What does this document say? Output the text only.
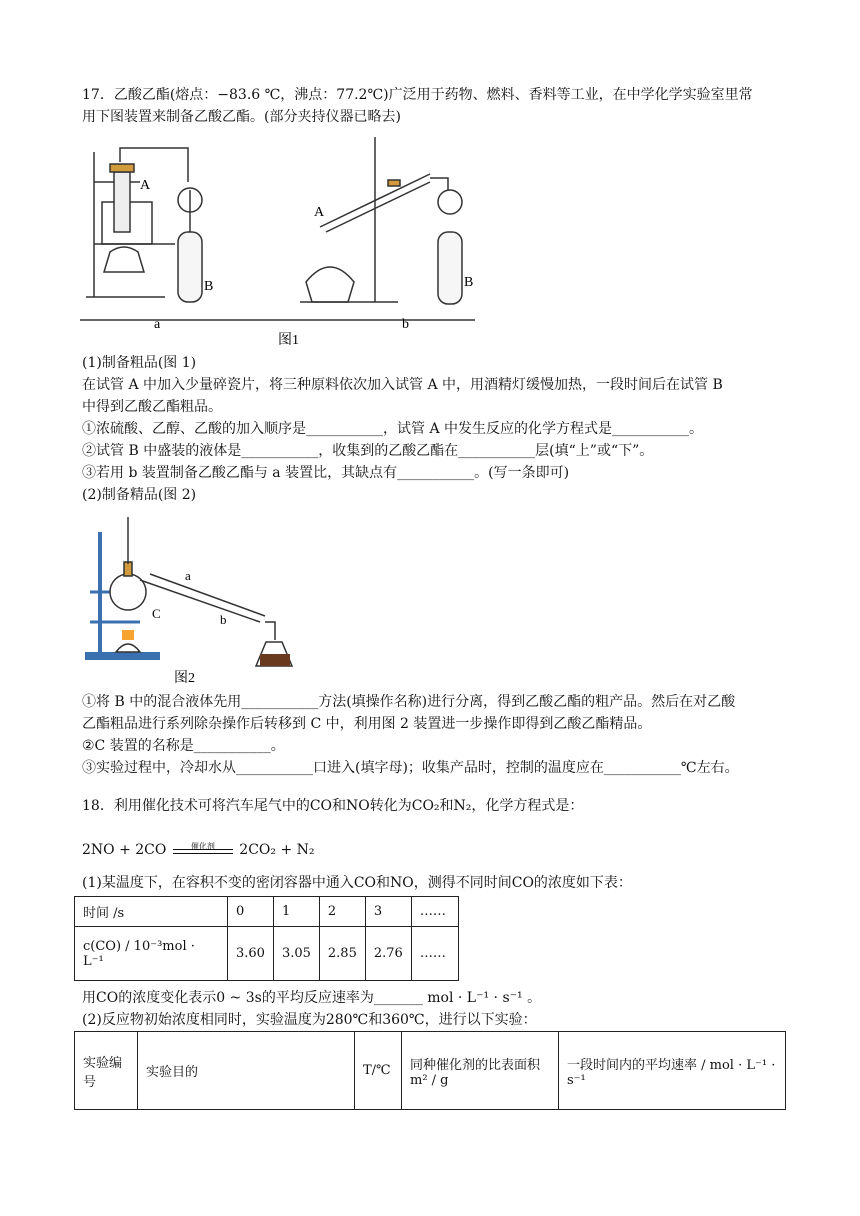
17．乙酸乙酯(熔点：−83.6 ℃，沸点：77.2℃)广泛用于药物、燃料、香料等工业，在中学化学实验室里常
用下图装置来制备乙酸乙酯。(部分夹持仪器已略去)
A
B
a
A
B
b
图1
(1)制备粗品(图 1)
在试管 A 中加入少量碎瓷片，将三种原料依次加入试管 A 中，用酒精灯缓慢加热，一段时间后在试管 B
中得到乙酸乙酯粗品。
①浓硫酸、乙醇、乙酸的加入顺序是___________，试管 A 中发生反应的化学方程式是___________。
②试管 B 中盛装的液体是___________，收集到的乙酸乙酯在___________层(填“上”或“下”。
③若用 b 装置制备乙酸乙酯与 a 装置比，其缺点有___________。(写一条即可)
(2)制备精品(图 2)
a
b
C
图2
①将 B 中的混合液体先用___________方法(填操作名称)进行分离，得到乙酸乙酯的粗产品。然后在对乙酸
乙酯粗品进行系列除杂操作后转移到 C 中，利用图 2 装置进一步操作即得到乙酸乙酯精品。
②C 装置的名称是___________。
③实验过程中，冷却水从___________口进入(填字母)；收集产品时，控制的温度应在___________℃左右。
18．利用催化技术可将汽车尾气中的CO和NO转化为CO₂和N₂，化学方程式是：
2NO + 2CO	催化剂	2CO₂ + N₂
(1)某温度下，在容积不变的密闭容器中通入CO和NO，测得不同时间CO的浓度如下表：
时间 /s	0	1	2	3	……
c(CO) / 10⁻³mol · L⁻¹	3.60	3.05	2.85	2.76	……
用CO的浓度变化表示0 ~ 3s的平均反应速率为_______ mol · L⁻¹ · s⁻¹ 。
(2)反应物初始浓度相同时，实验温度为280℃和360℃，进行以下实验：
实验编号	实验目的	T/℃	同种催化剂的比表面积 m² / g	一段时间内的平均速率 / mol · L⁻¹ · s⁻¹
